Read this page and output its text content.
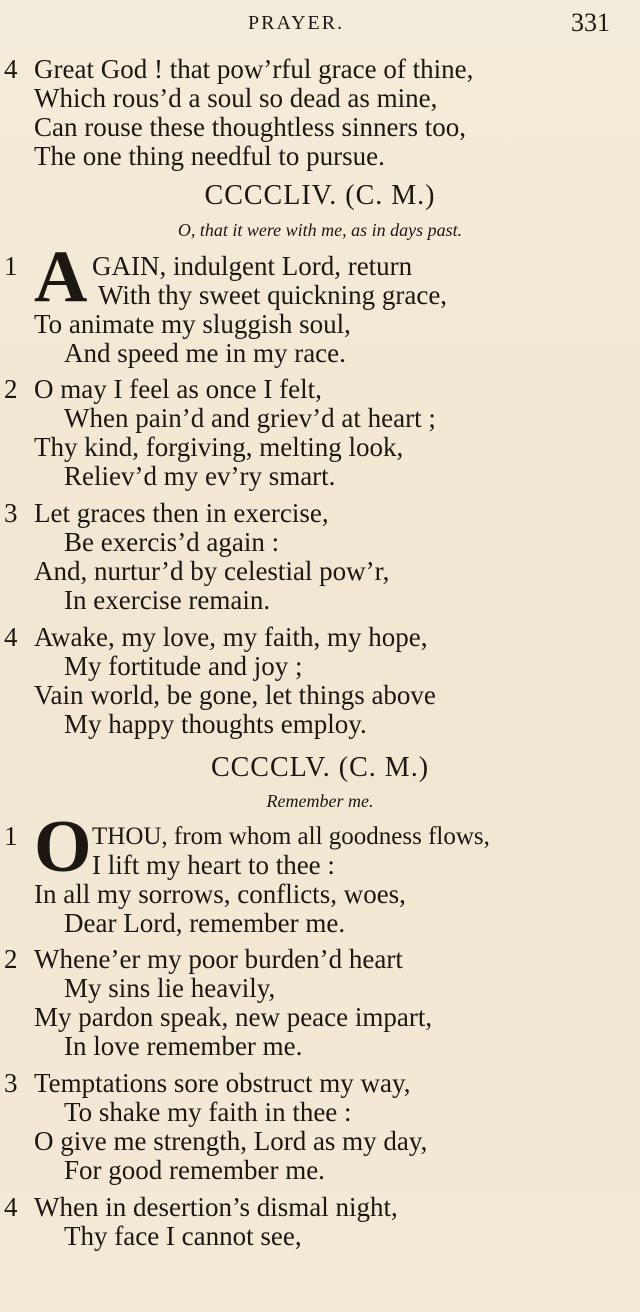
PRAYER.	331
4 Great God ! that pow’rful grace of thine,
Which rous’d a soul so dead as mine,
Can rouse these thoughtless sinners too,
The one thing needful to pursue.
CCCCLIV. (C. M.)
O, that it were with me, as in days past.
1 A GAIN, indulgent Lord, return
With thy sweet quickning grace,
To animate my sluggish soul,
And speed me in my race.
2 O may I feel as once I felt,
When pain’d and griev’d at heart ;
Thy kind, forgiving, melting look,
Reliev’d my ev’ry smart.
3 Let graces then in exercise,
Be exercis’d again :
And, nurtur’d by celestial pow’r,
In exercise remain.
4 Awake, my love, my faith, my hope,
My fortitude and joy ;
Vain world, be gone, let things above
My happy thoughts employ.
CCCCLV. (C. M.)
Remember me.
1 O THOU, from whom all goodness flows,
I lift my heart to thee :
In all my sorrows, conflicts, woes,
Dear Lord, remember me.
2 Whene’er my poor burden’d heart
My sins lie heavily,
My pardon speak, new peace impart,
In love remember me.
3 Temptations sore obstruct my way,
To shake my faith in thee :
O give me strength, Lord as my day,
For good remember me.
4 When in desertion’s dismal night,
Thy face I cannot see,
